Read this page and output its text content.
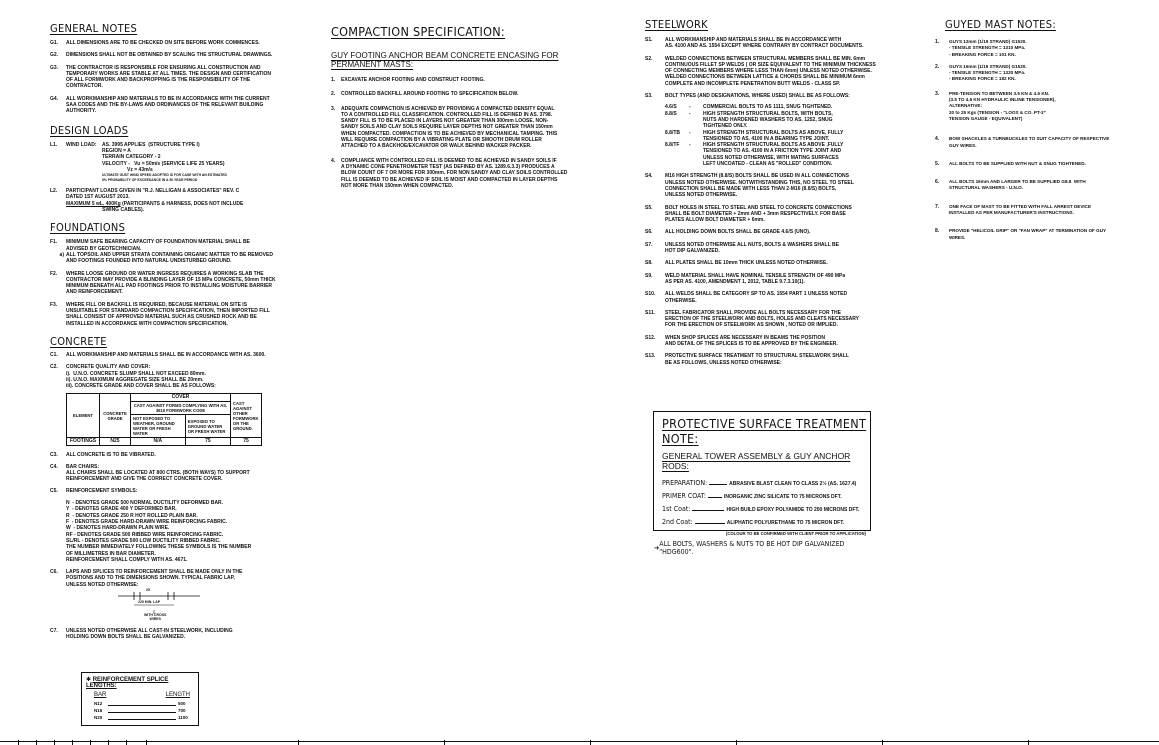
GENERAL NOTES
G1.	ALL DIMENSIONS ARE TO BE CHECKED ON SITE BEFORE WORK COMMENCES.
G2.	DIMENSIONS SHALL NOT BE OBTAINED BY SCALING THE STRUCTURAL DRAWINGS.
G3.	THE CONTRACTOR IS RESPONSIBLE FOR ENSURING ALL CONSTRUCTION AND
TEMPORARY WORKS ARE STABLE AT ALL TIMES. THE DESIGN AND CERTIFICATION
OF ALL FORMWORK AND BACKPROPPING IS THE RESPONSIBILITY OF THE
CONTRACTOR.
G4.	ALL WORKMANSHIP AND MATERIALS TO BE IN ACCORDANCE WITH THE CURRENT
SAA CODES AND THE BY-LAWS AND ORDINANCES OF THE RELEVANT BUILDING
AUTHORITY.
DESIGN LOADS
L1.	WIND LOAD:	AS. 3995 APPLIES  (STRUCTURE TYPE I)
REGION = A
TERRAIN CATEGORY - 2
VELOCITY -   Vu = 50m/s (SERVICE LIFE 25 YEARS)
Vz = 43m/s
ULTIMATE GUST WIND SPEED ADOPTED IS FOR CASE WITH AN ESTIMATED
5% PROBABILITY OF EXCEEDANCE IN A 50 YEAR PERIOD
L2.	PARTICIPANT LOADS GIVEN IN "R.J. NELLIGAN & ASSOCIATES" REV. C
DATED 1ST AUGUST 2013.
MAXIMUM 5 wL. 400Kg (PARTICIPANTS & HARNESS, DOES NOT INCLUDE
SWING CABLES).
FOUNDATIONS
F1.	MINIMUM SAFE BEARING CAPACITY OF FOUNDATION MATERIAL SHALL BE
ADVISED BY GEOTECHNICIAN.
a) ALL TOPSOIL AND UPPER STRATA CONTAINING ORGANIC MATTER TO BE REMOVED
AND FOOTINGS FOUNDED INTO NATURAL UNDISTURBED GROUND.
F2.	WHERE LOOSE GROUND OR WATER INGRESS REQUIRES A WORKING SLAB THE
CONTRACTOR MAY PROVIDE A BLINDING LAYER OF 15 MPa CONCRETE, 50mm THICK
MINIMUM BENEATH ALL PAD FOOTINGS PRIOR TO INSTALLING MOISTURE BARRIER
AND REINFORCEMENT.
F3.	WHERE FILL OR BACKFILL IS REQUIRED, BECAUSE MATERIAL ON SITE IS
UNSUITABLE FOR STANDARD COMPACTION SPECIFICATION, THEN IMPORTED FILL
SHALL CONSIST OF APPROVED MATERIAL SUCH AS CRUSHED ROCK AND BE
INSTALLED IN ACCORDANCE WITH COMPACTION SPECIFICATION.
CONCRETE
C1.	ALL WORKMANSHIP AND MATERIALS SHALL BE IN ACCORDANCE WITH AS. 3600.
C2.	CONCRETE QUALITY AND COVER:
i).  U.N.O. CONCRETE SLUMP SHALL NOT EXCEED 80mm.
ii). U.N.O. MAXIMUM AGGREGATE SIZE SHALL BE 20mm.
iii). CONCRETE GRADE AND COVER SHALL BE AS FOLLOWS:
ELEMENT	CONCRETE GRADE	COVER		CAST AGAINST OTHER FORMWORK OR THE GROUND.
		CAST AGAINST FORMS COMPLYING WITH AS. 3610 FORMWORK CODE		
		NOT EXPOSED TO WEATHER, GROUND WATER OR FRESH WATER	EXPOSED TO GROUND WATER OR FRESH WATER	
FOOTINGS	N25	N/A	75	75
C3.	ALL CONCRETE IS TO BE VIBRATED.
C4.	BAR CHAIRS:
ALL CHAIRS SHALL BE LOCATED AT 800 CTRS. (BOTH WAYS) TO SUPPORT
REINFORCEMENT AND GIVE THE CORRECT CONCRETE COVER.
C5.	REINFORCEMENT SYMBOLS:

N  - DENOTES GRADE 500 NORMAL DUCTILITY DEFORMED BAR.
Y  - DENOTES GRADE 400 Y DEFORMED BAR.
R  - DENOTES GRADE 250 R HOT ROLLED PLAIN BAR.
F  - DENOTES GRADE HARD-DRAWN WIRE REINFORCING FABRIC.
W  - DENOTES HARD-DRAWN PLAIN WIRE.
RF - DENOTES GRADE 500 RIBBED WIRE REINFORCING FABRIC.
SL/RL - DENOTES GRADE 500 LOW DUCTILITY RIBBED FABRIC.
THE NUMBER IMMEDIATELY FOLLOWING THESE SYMBOLS IS THE NUMBER
OF MILLIMETRES IN BAR DIAMETER.
REINFORCEMENT SHALL COMPLY WITH AS. 4671.
C6.	LAPS AND SPLICES TO REINFORCEMENT SHALL BE MADE ONLY IN THE
POSITIONS AND TO THE DIMENSIONS SHOWN. TYPICAL FABRIC LAP,
UNLESS NOTED OTHERWISE:
25
225 MIN. LAP
WITH CROSS
WIRES
C7.	UNLESS NOTED OTHERWISE ALL CAST-IN STEELWORK, INCLUDING
HOLDING DOWN BOLTS SHALL BE GALVANIZED.
✱ REINFORCEMENT SPLICE LENGTHS:
BAR	LENGTH
N12	500
N16	700
N20	1100
COMPACTION SPECIFICATION:

GUY FOOTING ANCHOR BEAM CONCRETE ENCASING FOR PERMANENT MASTS:

1.	EXCAVATE ANCHOR FOOTING AND CONSTRUCT FOOTING.
2.	CONTROLLED BACKFILL AROUND FOOTING TO SPECIFICATION BELOW.
3.	ADEQUATE COMPACTION IS ACHIEVED BY PROVIDING A COMPACTED DENSITY EQUAL
TO A CONTROLLED FILL CLASSIFICATION. CONTROLLED FILL IS DEFINED IN AS. 3798.
SANDY FILL IS TO BE PLACED IN LAYERS NOT GREATER THAN 300mm LOOSE. NON-
SANDY SOILS AND CLAY SOILS REQUIRE LAYER DEPTHS NOT GREATER THAN 150mm
WHEN COMPACTED. COMPACTION IS TO BE ACHIEVED BY MECHANICAL TAMPING. THIS
WILL REQUIRE COMPACTION BY A VIBRATING PLATE OR SMOOTH DRUM ROLLER
ATTACHED TO A BACKHOE/EXCAVATOR OR WALK BEHIND WACKER PACKER.
4.	COMPLIANCE WITH CONTROLLED FILL IS DEEMED TO BE ACHIEVED IN SANDY SOILS IF
A DYNAMIC CONE PENETROMETER TEST (AS DEFINED BY AS. 1289.6.3.3) PRODUCES A
BLOW COUNT OF 7 OR MORE FOR 300mm. FOR NON SANDY AND CLAY SOILS CONTROLLED
FILL IS DEEMED TO BE ACHIEVED IF SOIL IS MOIST AND COMPACTED IN LAYER DEPTHS
NOT MORE THAN 150mm WHEN COMPACTED.
STEELWORK
S1.	ALL WORKMANSHIP AND MATERIALS SHALL BE IN ACCORDANCE WITH
AS. 4100 AND AS. 1554 EXCEPT WHERE CONTRARY BY CONTRACT DOCUMENTS.
S2.	WELDED CONNECTIONS BETWEEN STRUCTURAL MEMBERS SHALL BE MIN. 6mm
CONTINUOUS FILLET SP WELDS ( OR SIZE EQUIVALENT TO THE MINIMUM THICKNESS
OF CONNECTING MEMBERS WHERE LESS THAN 6mm) UNLESS NOTED OTHERWISE.
WELDED CONNECTIONS BETWEEN LATTICE & CHORDS SHALL BE MINIMUM 6mm
COMPLETE AND INCOMPLETE PENETRATION BUTT WELDS - CLASS SP.
S3.	BOLT TYPES (AND DESIGNATIONS, WHERE USED) SHALL BE AS FOLLOWS:
4.6/S	-	COMMERCIAL BOLTS TO AS 1111, SNUG TIGHTENED.
8.8/S	-	HIGH STRENGTH STRUCTURAL BOLTS, WITH BOLTS,
NUTS AND HARDENED WASHERS TO AS. 1252, SNUG
TIGHTENED ONLY.
8.8/TB	-	HIGH STRENGTH STRUCTURAL BOLTS AS ABOVE, FULLY
TENSIONED TO AS. 4100 IN A BEARING TYPE JOINT.
8.8/TF	-	HIGH STRENGTH STRUCTURAL BOLTS AS ABOVE ,FULLY
TENSIONED TO AS. 4100 IN A FRICTION TYPE JOINT AND
UNLESS NOTED OTHERWISE, WITH MATING SURFACES
LEFT UNCOATED - CLEAN AS "ROLLED" CONDITION.
S4.	M16 HIGH STRENGTH (8.8/S) BOLTS SHALL BE USED IN ALL CONNECTIONS
UNLESS NOTED OTHERWISE. NOTWITHSTANDING THIS, NO STEEL TO STEEL
CONNECTION SHALL BE MADE WITH LESS THAN 2-M16 (8.8/S) BOLTS,
UNLESS NOTED OTHERWISE.
S5.	BOLT HOLES IN STEEL TO STEEL AND STEEL TO CONCRETE CONNECTIONS
SHALL BE BOLT DIAMETER + 2mm AND + 3mm RESPECTIVELY. FOR BASE
PLATES ALLOW BOLT DIAMETER + 6mm.
S6.	ALL HOLDING DOWN BOLTS SHALL BE GRADE 4.6/S (UNO).
S7.	UNLESS NOTED OTHERWISE ALL NUTS, BOLTS & WASHERS SHALL BE
HOT DIP GALVANIZED.
S8.	ALL PLATES SHALL BE 10mm THICK UNLESS NOTED OTHERWISE.
S9.	WELD MATERIAL SHALL HAVE NOMINAL TENSILE STRENGTH OF 490 MPa
AS PER AS. 4100, AMENDMENT 1, 2012, TABLE 9.7.3.10(1).
S10.	ALL WELDS SHALL BE CATEGORY SP TO AS. 1554 PART 1 UNLESS NOTED
OTHERWISE.
S11.	STEEL FABRICATOR SHALL PROVIDE ALL BOLTS NECESSARY FOR THE
ERECTION OF THE STEELWORK AND BOLTS, HOLES AND CLEATS NECESSARY
FOR THE ERECTION OF STEELWORK AS SHOWN , NOTED OR IMPLIED.
S12.	WHEN SHOP SPLICES ARE NECESSARY IN BEAMS THE POSITION
AND DETAIL OF THE SPLICES IS TO BE APPROVED BY THE ENGINEER.
S13.	PROTECTIVE SURFACE TREATMENT TO STRUCTURAL STEELWORK SHALL
BE AS FOLLOWS, UNLESS NOTED OTHERWISE:
PROTECTIVE SURFACE TREATMENT NOTE:
GENERAL TOWER ASSEMBLY & GUY ANCHOR RODS:
PREPARATION:	ABRASIVE BLAST CLEAN TO CLASS 2½ (AS. 1627.4)
PRIMER COAT:	INORGANIC ZINC SILICATE TO 75 MICRONS DFT.
1st Coat:	HIGH BUILD EPOXY POLYAMIDE TO 200 MICRONS DFT.
2nd Coat:	ALIPHATIC POLYURETHANE TO 75 MICRON DFT.
(COLOUR TO BE CONFIRMED WITH CLIENT PRIOR TO APPLICATION)
➔ ALL BOLTS, WASHERS & NUTS TO BE HOT DIP GALVANIZED "HDG600".
GUYED MAST NOTES:
1.	GUYS 12mm (1/19 STRAND) G1520.
- TENSILE STRENGTH = 1310 MPa.
- BREAKING FORCE = 101 KN.
2.	GUYS 16mm (1/19 STRAND) G1520.
- TENSILE STRENGTH = 1320 MPa.
- BREAKING FORCE = 182 KN.
3.	PRE-TENSION TO BETWEEN 3.5 KN & 4.5 KN.
(3.5 TO 4.5 KN HYDRAULIC INLINE TENSIONER),
ALTERNATIVE:
20 to 25 Kgs (TENSION - "LOOS & CO. PT-3"
TENSION GAUGE - EQUIVALENT)
4.	BOW SHACKLES & TURNBUCKLES TO SUIT CAPACITY OF RESPECTIVE
GUY WIRES.
5.	ALL BOLTS TO BE SUPPLIED WITH NUT & SNUG TIGHTENED.
6.	ALL BOLTS 16mm AND LARGER TO BE SUPPLIED G8.8  WITH
STRUCTURAL WASHERS - U.N.O.
7.	ONE FACE OF MAST TO BE FITTED WITH FALL ARREST DEVICE
INSTALLED AS PER MANUFACTURER'S INSTRUCTIONS.
8.	PROVIDE "HELICOIL GRIP" OR "FAN WRAP" AT TERMINATION OF GUY
WIRES.
